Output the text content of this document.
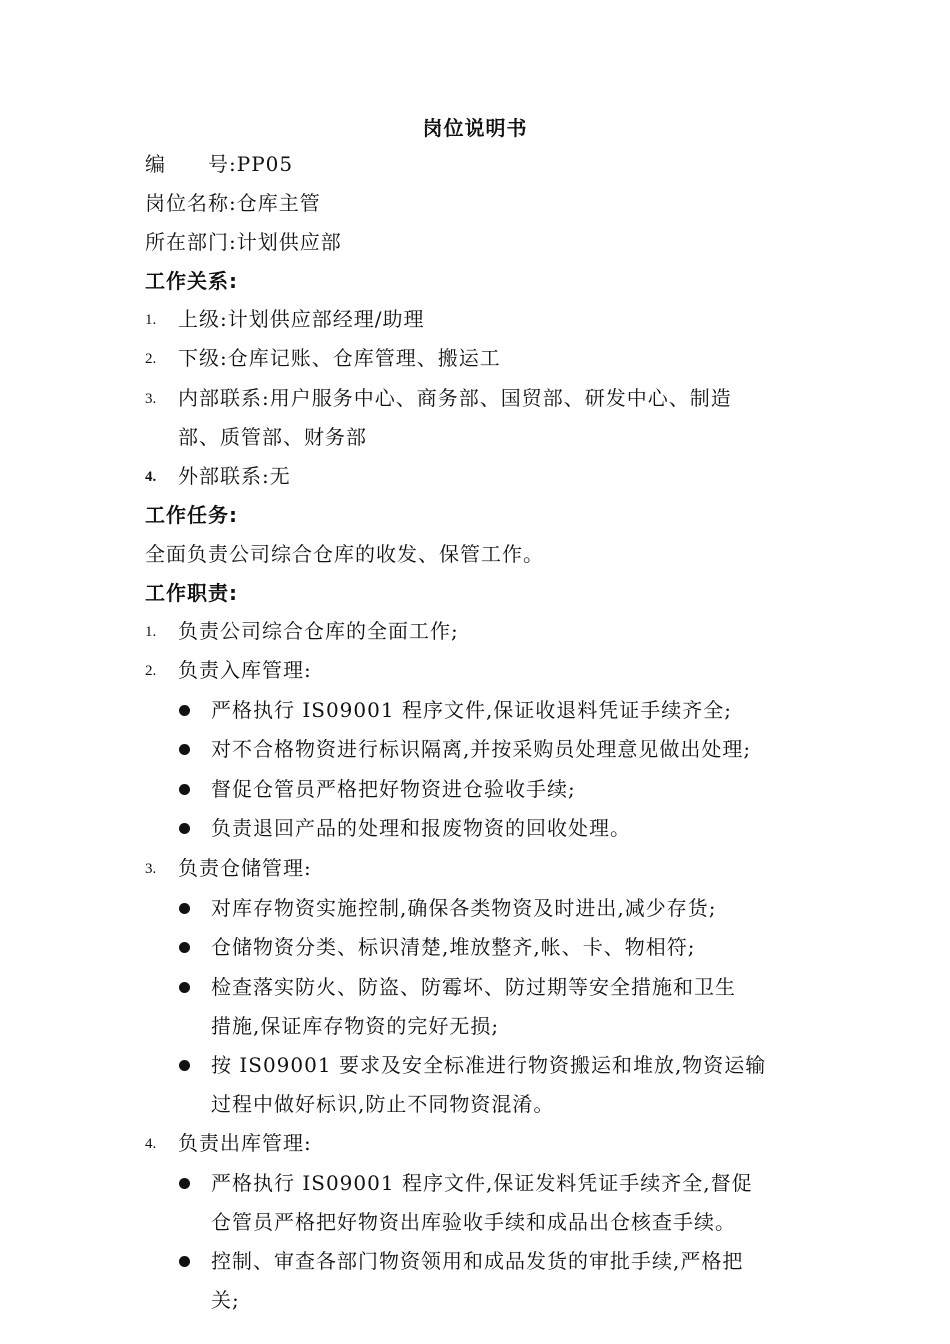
岗位说明书
编 号:PP05
岗位名称:仓库主管
所在部门:计划供应部
工作关系:
1. 上级:计划供应部经理/助理
2. 下级:仓库记账、仓库管理、搬运工
3. 内部联系:用户服务中心、商务部、国贸部、研发中心、制造
部、质管部、财务部
4. 外部联系:无
工作任务:
全面负责公司综合仓库的收发、保管工作。
工作职责:
1. 负责公司综合仓库的全面工作;
2. 负责入库管理:
严格执行 IS09001 程序文件,保证收退料凭证手续齐全;
对不合格物资进行标识隔离,并按采购员处理意见做出处理;
督促仓管员严格把好物资进仓验收手续;
负责退回产品的处理和报废物资的回收处理。
3. 负责仓储管理:
对库存物资实施控制,确保各类物资及时进出,减少存货;
仓储物资分类、标识清楚,堆放整齐,帐、卡、物相符;
检查落实防火、防盗、防霉坏、防过期等安全措施和卫生
措施,保证库存物资的完好无损;
按 IS09001 要求及安全标准进行物资搬运和堆放,物资运输
过程中做好标识,防止不同物资混淆。
4. 负责出库管理:
严格执行 IS09001 程序文件,保证发料凭证手续齐全,督促
仓管员严格把好物资出库验收手续和成品出仓核查手续。
控制、审查各部门物资领用和成品发货的审批手续,严格把
关;
